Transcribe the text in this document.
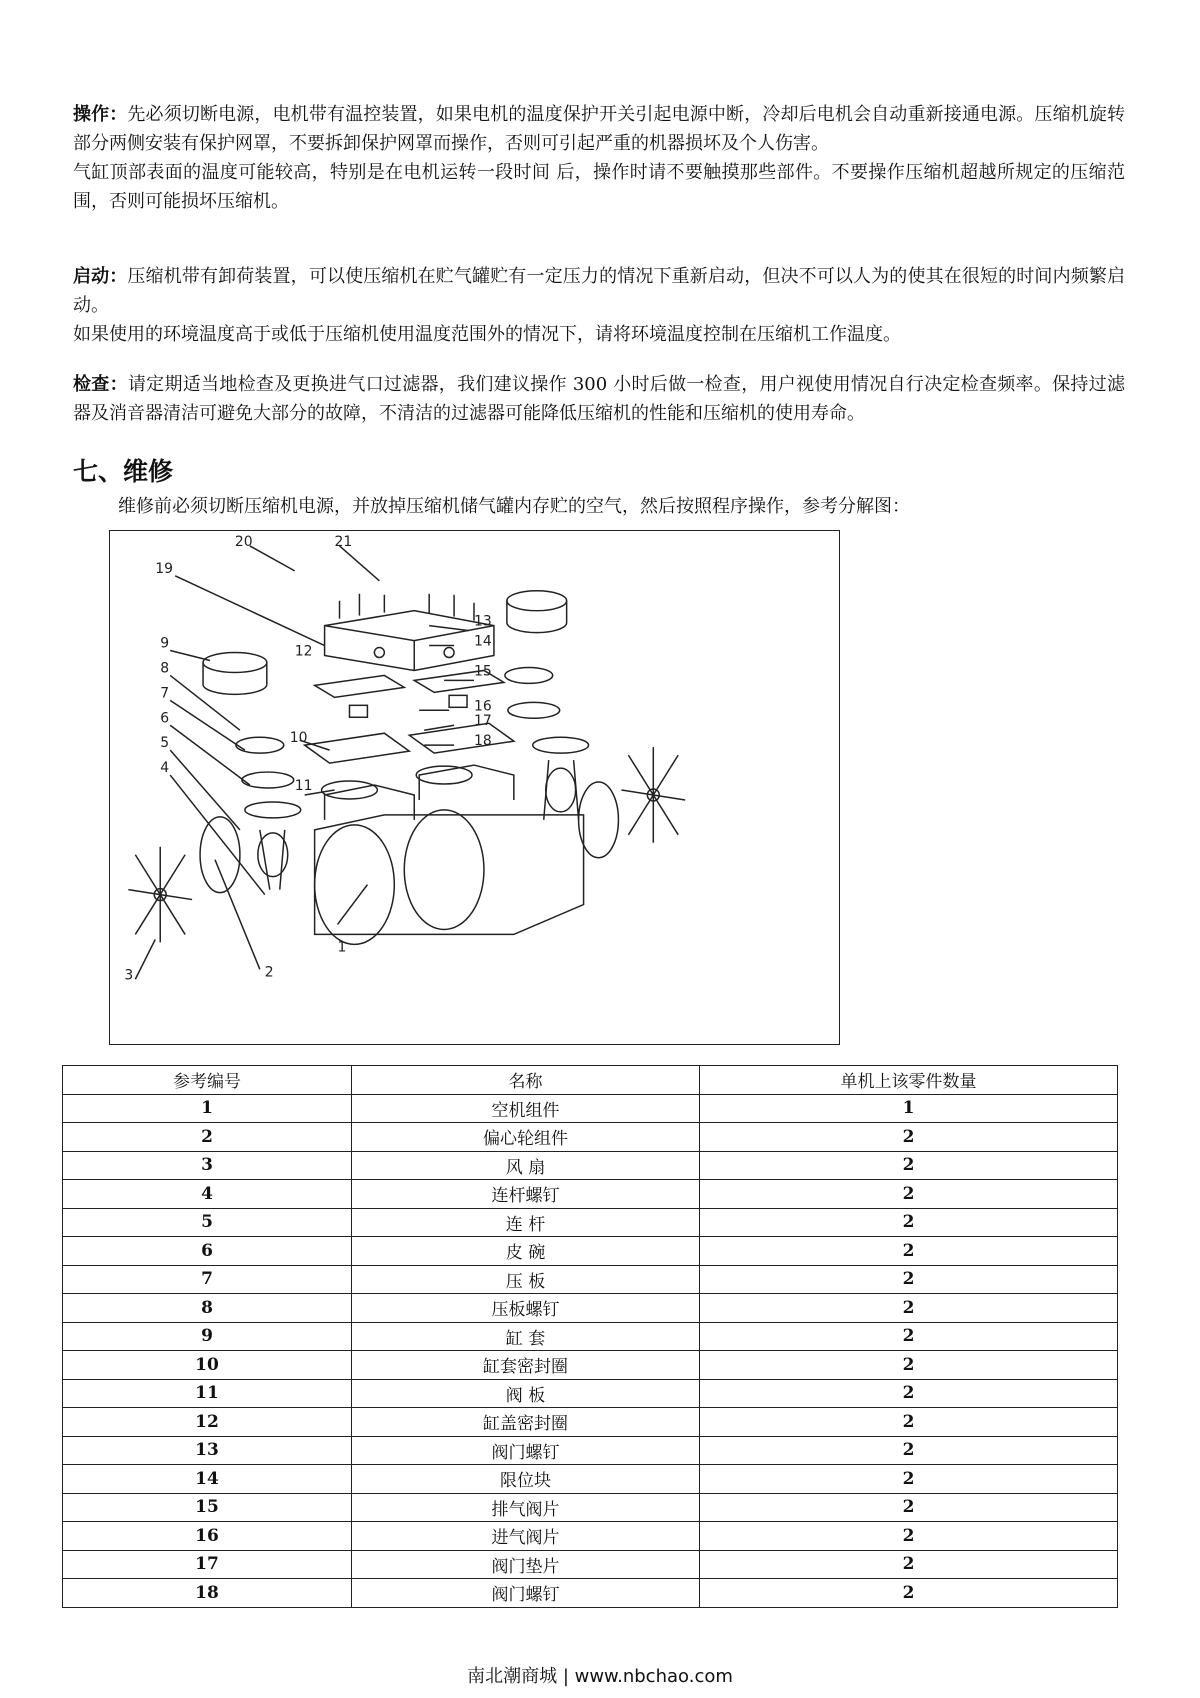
操作：先必须切断电源，电机带有温控装置，如果电机的温度保护开关引起电源中断，冷却后电机会自动重新接通电源。压缩机旋转部分两侧安装有保护网罩，不要拆卸保护网罩而操作，否则可引起严重的机器损坏及个人伤害。

气缸顶部表面的温度可能较高，特别是在电机运转一段时间 后，操作时请不要触摸那些部件。不要操作压缩机超越所规定的压缩范围，否则可能损坏压缩机。

启动：压缩机带有卸荷装置，可以使压缩机在贮气罐贮有一定压力的情况下重新启动，但决不可以人为的使其在很短的时间内频繁启动。

如果使用的环境温度高于或低于压缩机使用温度范围外的情况下，请将环境温度控制在压缩机工作温度。

检查：请定期适当地检查及更换进气口过滤器，我们建议操作 300 小时后做一检查，用户视使用情况自行决定检查频率。保持过滤器及消音器清洁可避免大部分的故障，不清洁的过滤器可能降低压缩机的性能和压缩机的使用寿命。

七、维修
维修前必须切断压缩机电源，并放掉压缩机储气罐内存贮的空气，然后按照程序操作，参考分解图：
1
2
3
4
5
6
7
8
9
10
11
12
13
14
15
16
17
18
19
20	21
参考编号	名称	单机上该零件数量
1	空机组件	1
2	偏心轮组件	2
3	风 扇	2
4	连杆螺钉	2
5	连 杆	2
6	皮 碗	2
7	压 板	2
8	压板螺钉	2
9	缸 套	2
10	缸套密封圈	2
11	阀 板	2
12	缸盖密封圈	2
13	阀门螺钉	2
14	限位块	2
15	排气阀片	2
16	进气阀片	2
17	阀门垫片	2
18	阀门螺钉	2
南北潮商城 | www.nbchao.com
